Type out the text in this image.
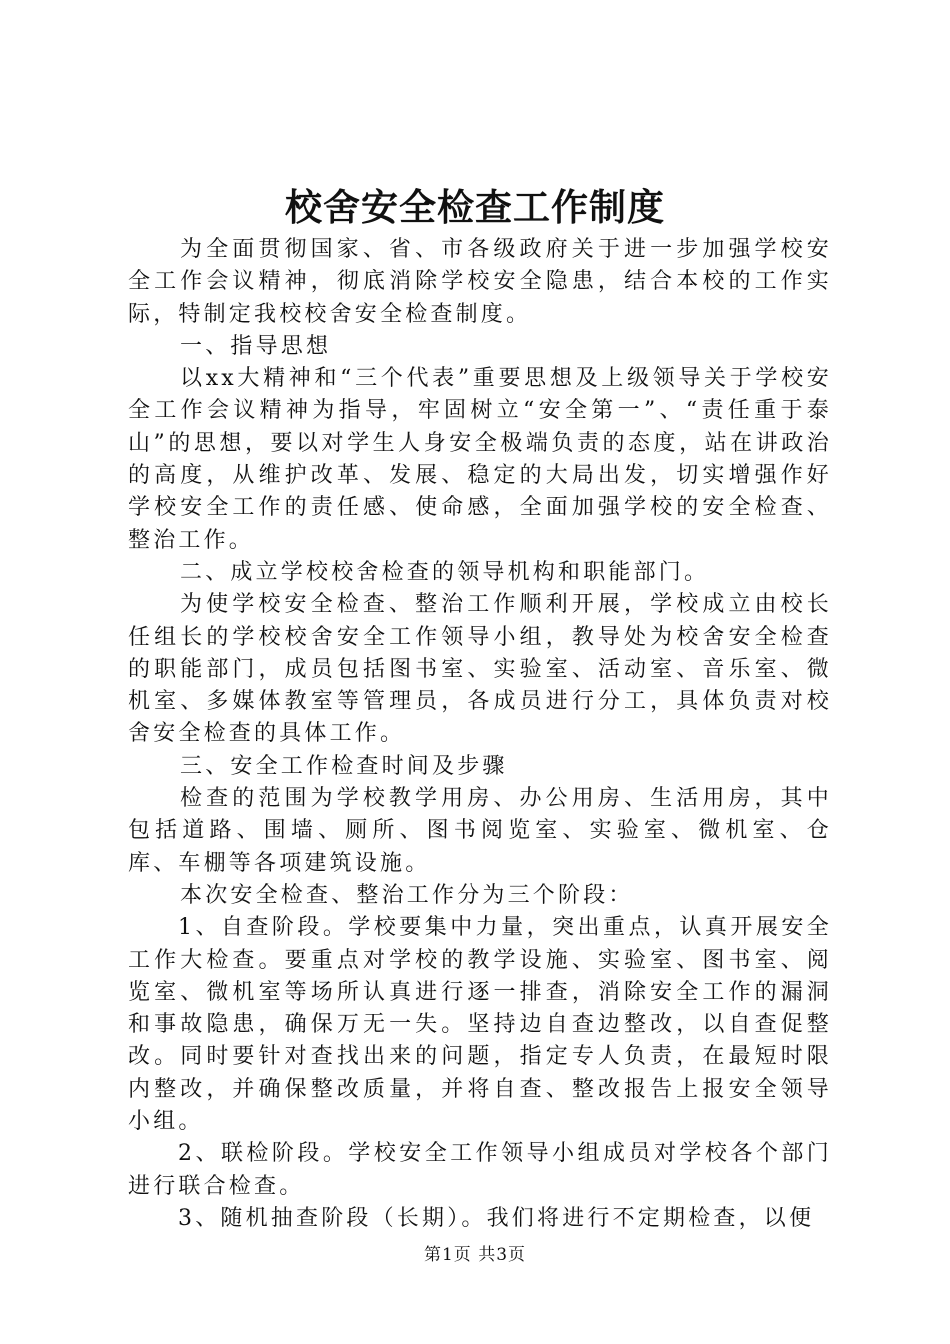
校舍安全检查工作制度

为全面贯彻国家、省、市各级政府关于进一步加强学校安全工作会议精神，彻底消除学校安全隐患，结合本校的工作实际，特制定我校校舍安全检查制度。

一、指导思想

以xx大精神和“三个代表”重要思想及上级领导关于学校安全工作会议精神为指导，牢固树立“安全第一”、“责任重于泰山”的思想，要以对学生人身安全极端负责的态度，站在讲政治的高度，从维护改革、发展、稳定的大局出发，切实增强作好学校安全工作的责任感、使命感，全面加强学校的安全检查、整治工作。

二、成立学校校舍检查的领导机构和职能部门。

为使学校安全检查、整治工作顺利开展，学校成立由校长任组长的学校校舍安全工作领导小组，教导处为校舍安全检查的职能部门，成员包括图书室、实验室、活动室、音乐室、微机室、多媒体教室等管理员，各成员进行分工，具体负责对校舍安全检查的具体工作。

三、安全工作检查时间及步骤

检查的范围为学校教学用房、办公用房、生活用房，其中包括道路、围墙、厕所、图书阅览室、实验室、微机室、仓库、车棚等各项建筑设施。

本次安全检查、整治工作分为三个阶段：

1、自查阶段。学校要集中力量，突出重点，认真开展安全工作大检查。要重点对学校的教学设施、实验室、图书室、阅览室、微机室等场所认真进行逐一排查，消除安全工作的漏洞和事故隐患，确保万无一失。坚持边自查边整改，以自查促整改。同时要针对查找出来的问题，指定专人负责，在最短时限内整改，并确保整改质量，并将自查、整改报告上报安全领导小组。

2、联检阶段。学校安全工作领导小组成员对学校各个部门进行联合检查。

3、随机抽查阶段（长期）。我们将进行不定期检查，以便

第1页 共3页
